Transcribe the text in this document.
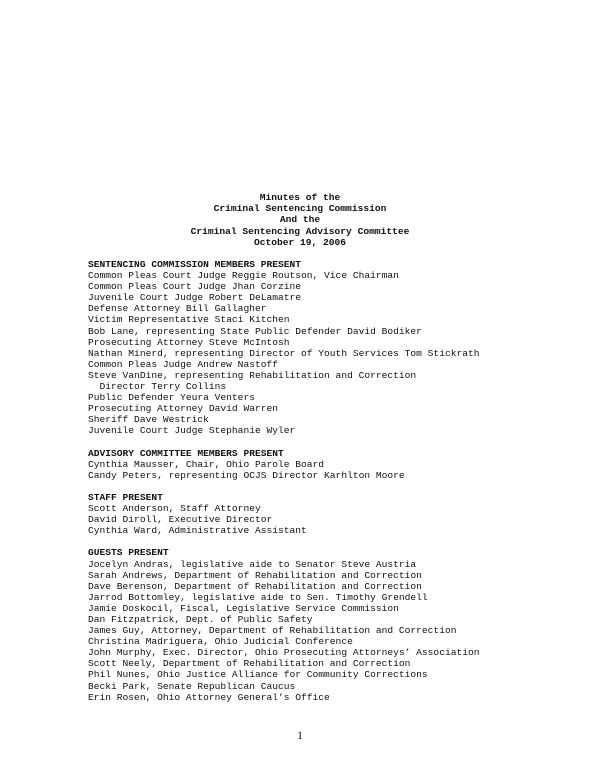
Minutes of the
Criminal Sentencing Commission
And the
Criminal Sentencing Advisory Committee
October 19, 2006
SENTENCING COMMISSION MEMBERS PRESENT
Common Pleas Court Judge Reggie Routson, Vice Chairman
Common Pleas Court Judge Jhan Corzine
Juvenile Court Judge Robert DeLamatre
Defense Attorney Bill Gallagher
Victim Representative Staci Kitchen
Bob Lane, representing State Public Defender David Bodiker
Prosecuting Attorney Steve McIntosh
Nathan Minerd, representing Director of Youth Services Tom Stickrath
Common Pleas Judge Andrew Nastoff
Steve VanDine, representing Rehabilitation and Correction
Director Terry Collins
Public Defender Yeura Venters
Prosecuting Attorney David Warren
Sheriff Dave Westrick
Juvenile Court Judge Stephanie Wyler
ADVISORY COMMITTEE MEMBERS PRESENT
Cynthia Mausser, Chair, Ohio Parole Board
Candy Peters, representing OCJS Director Karhlton Moore
STAFF PRESENT
Scott Anderson, Staff Attorney
David Diroll, Executive Director
Cynthia Ward, Administrative Assistant
GUESTS PRESENT
Jocelyn Andras, legislative aide to Senator Steve Austria
Sarah Andrews, Department of Rehabilitation and Correction
Dave Berenson, Department of Rehabilitation and Correction
Jarrod Bottomley, legislative aide to Sen. Timothy Grendell
Jamie Doskocil, Fiscal, Legislative Service Commission
Dan Fitzpatrick, Dept. of Public Safety
James Guy, Attorney, Department of Rehabilitation and Correction
Christina Madriguera, Ohio Judicial Conference
John Murphy, Exec. Director, Ohio Prosecuting Attorneys’ Association
Scott Neely, Department of Rehabilitation and Correction
Phil Nunes, Ohio Justice Alliance for Community Corrections
Becki Park, Senate Republican Caucus
Erin Rosen, Ohio Attorney General’s Office
1
